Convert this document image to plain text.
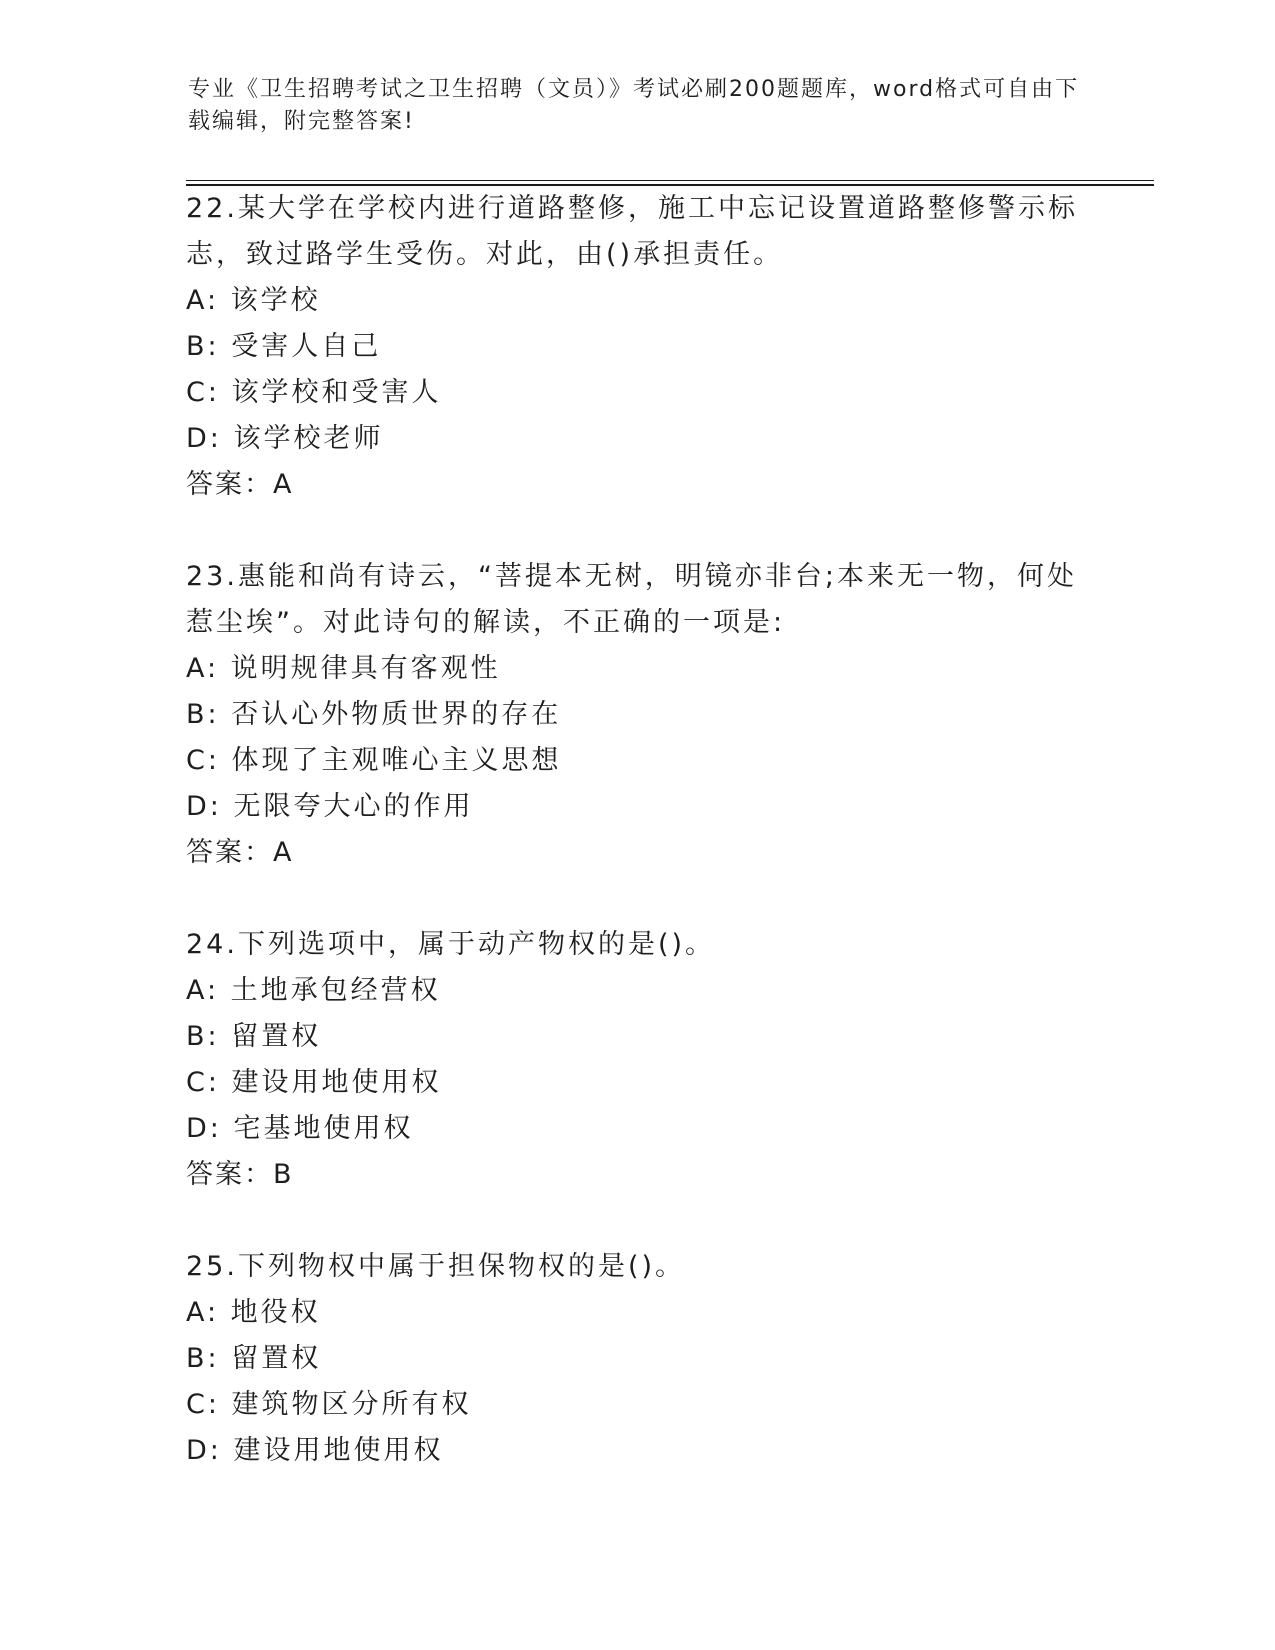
专业《卫生招聘考试之卫生招聘（文员）》考试必刷200题题库，word格式可自由下载编辑，附完整答案!
22.某大学在学校内进行道路整修，施工中忘记设置道路整修警示标志，致过路学生受伤。对此，由()承担责任。
A: 该学校
B: 受害人自己
C: 该学校和受害人
D: 该学校老师
答案：A
23.惠能和尚有诗云，“菩提本无树，明镜亦非台;本来无一物，何处惹尘埃”。对此诗句的解读，不正确的一项是:
A: 说明规律具有客观性
B: 否认心外物质世界的存在
C: 体现了主观唯心主义思想
D: 无限夸大心的作用
答案：A
24.下列选项中，属于动产物权的是()。
A: 土地承包经营权
B: 留置权
C: 建设用地使用权
D: 宅基地使用权
答案：B
25.下列物权中属于担保物权的是()。
A: 地役权
B: 留置权
C: 建筑物区分所有权
D: 建设用地使用权
